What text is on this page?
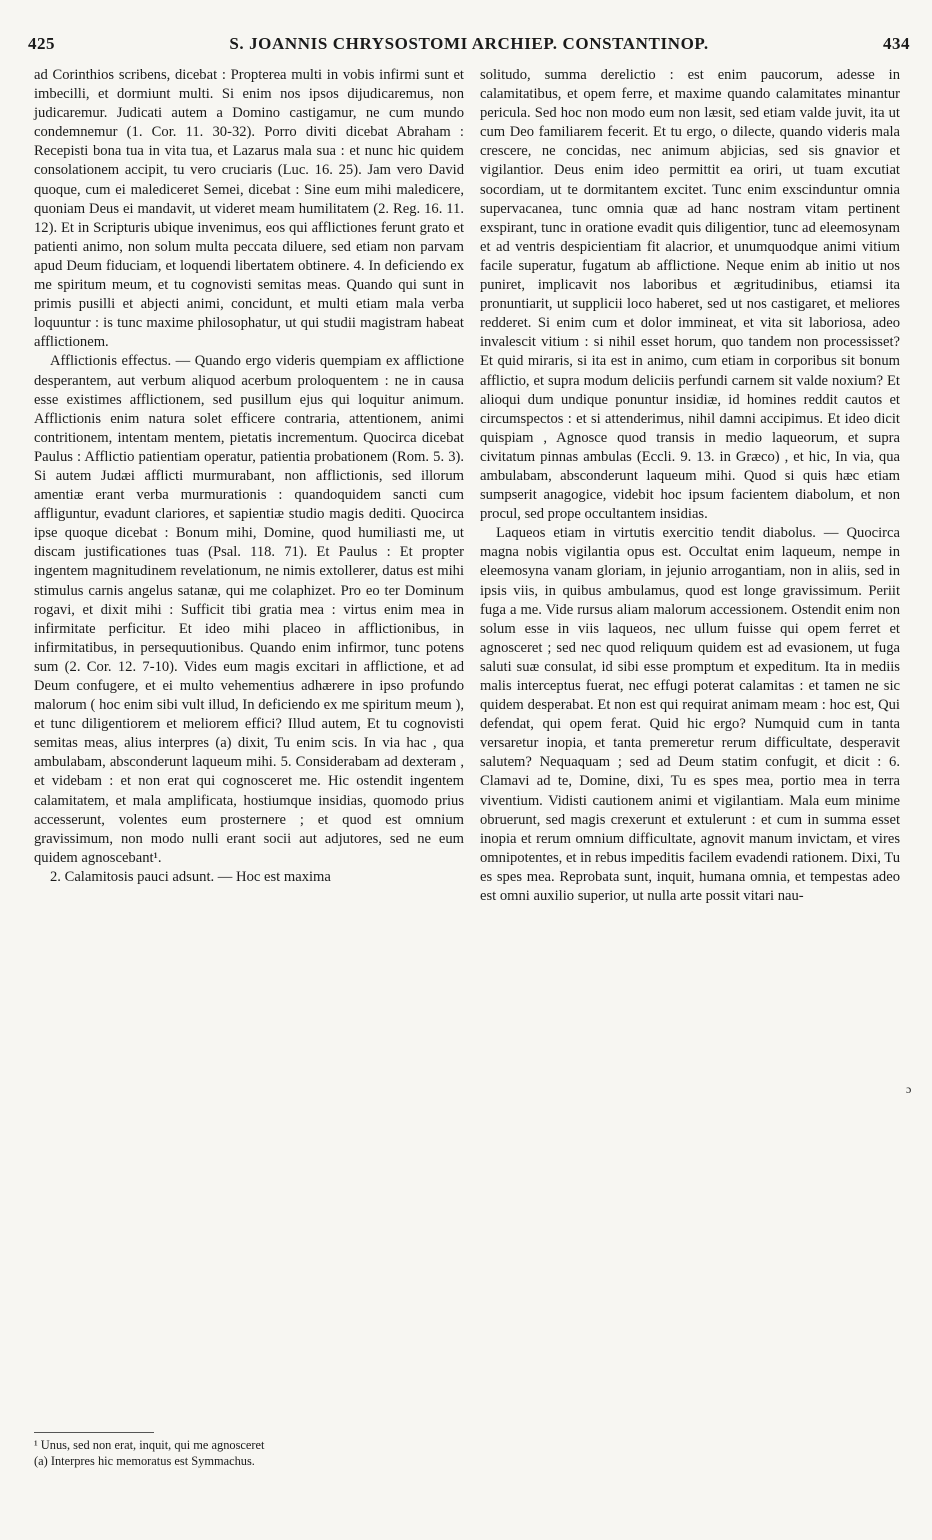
425	S. JOANNIS CHRYSOSTOMI ARCHIEP. CONSTANTINOP.	434

ad Corinthios scribens, dicebat : Propterea multi in vobis infirmi sunt et imbecilli, et dormiunt multi. Si enim nos ipsos dijudicaremus, non judicaremur. Judicati autem a Domino castigamur, ne cum mundo condemnemur (1. Cor. 11. 30-32). Porro diviti dicebat Abraham : Recepisti bona tua in vita tua, et Lazarus mala sua : et nunc hic quidem consolationem accipit, tu vero cruciaris (Luc. 16. 25). Jam vero David quoque, cum ei malediceret Semei, dicebat : Sine eum mihi maledicere, quoniam Deus ei mandavit, ut videret meam humilitatem (2. Reg. 16. 11. 12). Et in Scripturis ubique invenimus, eos qui afflictiones ferunt grato et patienti animo, non solum multa peccata diluere, sed etiam non parvam apud Deum fiduciam, et loquendi libertatem obtinere. 4. In deficiendo ex me spiritum meum, et tu cognovisti semitas meas. Quando qui sunt in primis pusilli et abjecti animi, concidunt, et multi etiam mala verba loquuntur : is tunc maxime philosophatur, ut qui studii magistram habeat afflictionem.

Afflictionis effectus. — Quando ergo videris quempiam ex afflictione desperantem, aut verbum aliquod acerbum proloquentem : ne in causa esse existimes afflictionem, sed pusillum ejus qui loquitur animum. Afflictionis enim natura solet efficere contraria, attentionem, animi contritionem, intentam mentem, pietatis incrementum. Quocirca dicebat Paulus : Afflictio patientiam operatur, patientia probationem (Rom. 5. 3). Si autem Judæi afflicti murmurabant, non afflictionis, sed illorum amentiæ erant verba murmurationis : quandoquidem sancti cum affliguntur, evadunt clariores, et sapientiæ studio magis dediti. Quocirca ipse quoque dicebat : Bonum mihi, Domine, quod humiliasti me, ut discam justificationes tuas (Psal. 118. 71). Et Paulus : Et propter ingentem magnitudinem revelationum, ne nimis extollerer, datus est mihi stimulus carnis angelus satanæ, qui me colaphizet. Pro eo ter Dominum rogavi, et dixit mihi : Sufficit tibi gratia mea : virtus enim mea in infirmitate perficitur. Et ideo mihi placeo in afflictionibus, in infirmitatibus, in persequutionibus. Quando enim infirmor, tunc potens sum (2. Cor. 12. 7-10). Vides eum magis excitari in afflictione, et ad Deum confugere, et ei multo vehementius adhærere in ipso profundo malorum ( hoc enim sibi vult illud, In deficiendo ex me spiritum meum ), et tunc diligentiorem et meliorem effici? Illud autem, Et tu cognovisti semitas meas, alius interpres (a) dixit, Tu enim scis. In via hac , qua ambulabam, absconderunt laqueum mihi. 5. Considerabam ad dexteram , et videbam : et non erat qui cognosceret me. Hic ostendit ingentem calamitatem, et mala amplificata, hostiumque insidias, quomodo prius accesserunt, volentes eum prosternere ; et quod est omnium gravissimum, non modo nulli erant socii aut adjutores, sed ne eum quidem agnoscebant¹.

2. Calamitosis pauci adsunt. — Hoc est maxima

solitudo, summa derelictio : est enim paucorum, adesse in calamitatibus, et opem ferre, et maxime quando calamitates minantur pericula. Sed hoc non modo eum non læsit, sed etiam valde juvit, ita ut cum Deo familiarem fecerit. Et tu ergo, o dilecte, quando videris mala crescere, ne concidas, nec animum abjicias, sed sis gnavior et vigilantior. Deus enim ideo permittit ea oriri, ut tuam excutiat socordiam, ut te dormitantem excitet. Tunc enim exscinduntur omnia supervacanea, tunc omnia quæ ad hanc nostram vitam pertinent exspirant, tunc in oratione evadit quis diligentior, tunc ad eleemosynam et ad ventris despicientiam fit alacrior, et unumquodque animi vitium facile superatur, fugatum ab afflictione. Neque enim ab initio ut nos puniret, implicavit nos laboribus et ægritudinibus, etiamsi ita pronuntiarit, ut supplicii loco haberet, sed ut nos castigaret, et meliores redderet. Si enim cum et dolor immineat, et vita sit laboriosa, adeo invalescit vitium : si nihil esset horum, quo tandem non processisset? Et quid miraris, si ita est in animo, cum etiam in corporibus sit bonum afflictio, et supra modum deliciis perfundi carnem sit valde noxium? Et alioqui dum undique ponuntur insidiæ, id homines reddit cautos et circumspectos : et si attenderimus, nihil damni accipimus. Et ideo dicit quispiam , Agnosce quod transis in medio laqueorum, et supra civitatum pinnas ambulas (Eccli. 9. 13. in Græco) , et hic, In via, qua ambulabam, absconderunt laqueum mihi. Quod si quis hæc etiam sumpserit anagogice, videbit hoc ipsum facientem diabolum, et non procul, sed prope occultantem insidias.

Laqueos etiam in virtutis exercitio tendit diabolus. — Quocirca magna nobis vigilantia opus est. Occultat enim laqueum, nempe in eleemosyna vanam gloriam, in jejunio arrogantiam, non in aliis, sed in ipsis viis, in quibus ambulamus, quod est longe gravissimum. Periit fuga a me. Vide rursus aliam malorum accessionem. Ostendit enim non solum esse in viis laqueos, nec ullum fuisse qui opem ferret et agnosceret ; sed nec quod reliquum quidem est ad evasionem, ut fuga saluti suæ consulat, id sibi esse promptum et expeditum. Ita in mediis malis interceptus fuerat, nec effugi poterat calamitas : et tamen ne sic quidem desperabat. Et non est qui requirat animam meam : hoc est, Qui defendat, qui opem ferat. Quid hic ergo? Numquid cum in tanta versaretur inopia, et tanta premeretur rerum difficultate, desperavit salutem? Nequaquam ; sed ad Deum statim confugit, et dicit : 6. Clamavi ad te, Domine, dixi, Tu es spes mea, portio mea in terra viventium. Vidisti cautionem animi et vigilantiam. Mala eum minime obruerunt, sed magis crexerunt et extulerunt : et cum in summa esset inopia et rerum omnium difficultate, agnovit manum invictam, et vires omnipotentes, et in rebus impeditis facilem evadendi rationem. Dixi, Tu es spes mea. Reprobata sunt, inquit, humana omnia, et tempestas adeo est omni auxilio superior, ut nulla arte possit vitari nau-

¹ Unus, sed non erat, inquit, qui me agnosceret
(a) Interpres hic memoratus est Symmachus.
ɔ
